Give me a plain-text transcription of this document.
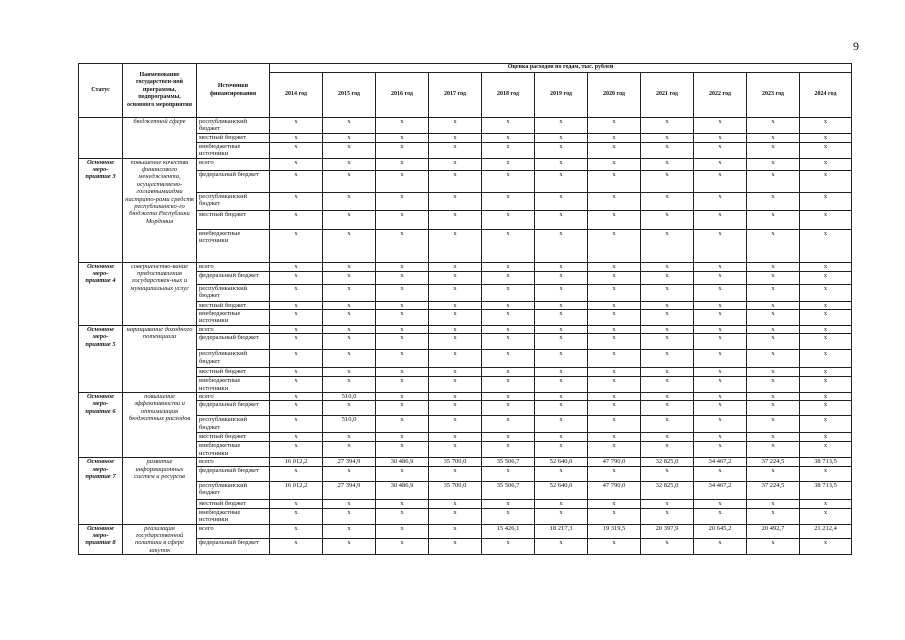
9
Статус	Наименование государствен-ной программы, подпрограммы, основного мероприятия	Источники финансирования	Оценка расходов по годам, тыс. рублей										
			2014 год	2015 год	2016 год	2017 год	2018 год	2019 год	2020 год	2021 год	2022 год	2023 год	2024 год
	бюджетной сфере	республиканский бюджет	x	x	x	x	x	x	x	x	x	x	x
		местный бюджет	x	x	x	x	x	x	x	x	x	x	x
		внебюджетные источники	x	x	x	x	x	x	x	x	x	x	x
Основное меро-приятие 3	повышение качества финансового менеджмента, осуществляемо-гоглавнымиадми нистрато-рами средств республиканско-го бюджета Республики Мордовия	всего	x	x	x	x	x	x	x	x	x	x	x
		федеральный бюджет	x	x	x	x	x	x	x	x	x	x	x
		республиканский бюджет	x	x	x	x	x	x	x	x	x	x	x
		местный бюджет	x	x	x	x	x	x	x	x	x	x	x
		внебюджетные источники	x	x	x	x	x	x	x	x	x	x	x
Основное меро-приятие 4	совершенство-вание предоставления государствен-ных и муниципальных услуг	всего	x	x	x	x	x	x	x	x	x	x	x
		федеральный бюджет	x	x	x	x	x	x	x	x	x	x	x
		республиканский бюджет	x	x	x	x	x	x	x	x	x	x	x
		местный бюджет	x	x	x	x	x	x	x	x	x	x	x
		внебюджетные источники	x	x	x	x	x	x	x	x	x	x	x
Основное меро-приятие 5	наращивание доходного потенциала	всего	x	x	x	x	x	x	x	x	x	x	x
		федеральный бюджет	x	x	x	x	x	x	x	x	x	x	x
		республиканский бюджет	x	x	x	x	x	x	x	x	x	x	x
		местный бюджет	x	x	x	x	x	x	x	x	x	x	x
		внебюджетные источники	x	x	x	x	x	x	x	x	x	x	x
Основное меро-приятие 6	повышение эффективности и оптимизация бюджетных расходов	всего	x	510,0	x	x	x	x	x	x	x	x	x
		федеральный бюджет	x	x	x	x	x	x	x	x	x	x	x
		республиканский бюджет	x	510,0	x	x	x	x	x	x	x	x	x
		местный бюджет	x	x	x	x	x	x	x	x	x	x	x
		внебюджетные источники	x	x	x	x	x	x	x	x	x	x	x
Основное меро-приятие 7	развитие информационных систем и ресурсов	всего	16 012,2	27 394,9	30 486,9	35 700,0	35 506,7	52 640,0	47 790,0	32 825,0	34 467,2	37 224,5	38 713,5
		федеральный бюджет	x	x	x	x	x	x	x	x	x	x	x
		республиканский бюджет	16 012,2	27 394,9	30 486,9	35 700,0	35 506,7	52 640,0	47 790,0	32 825,0	34 467,2	37 224,5	38 713,5
		местный бюджет	x	x	x	x	x	x	x	x	x	x	x
		внебюджетные источники	x	x	x	x	x	x	x	x	x	x	x
Основное меро-приятие 8	реализация государственной политики в сфере закупок	всего	x	x	x	x	15 426,1	18 217,3	19 319,5	20 397,9	20 645,2	20 492,7	21 212,4
		федеральный бюджет	x	x	x	x	x	x	x	x	x	x	x
